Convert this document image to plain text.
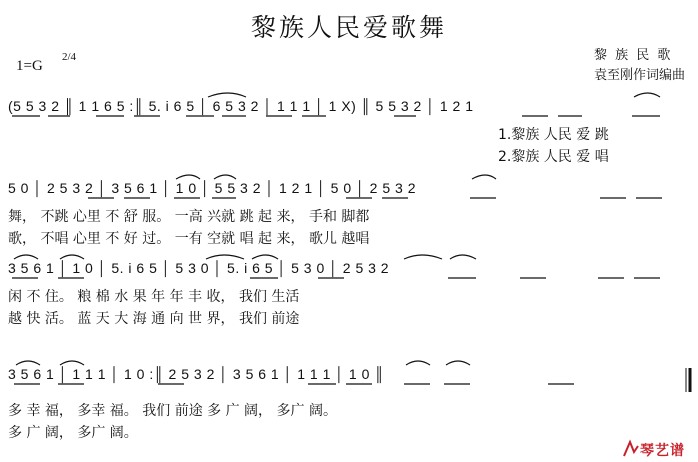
黎族人民爱歌舞
1=G
2/4	黎 族 民 歌
袁至刚作词编曲
(5 5 3 2 ║ 1 1 6 5 :║ 5. i 6 5 │ 6 5 3 2 │ 1 1 1 │ 1 X) ║ 5 5 3 2 │ 1 2 1
1.黎族 人民 爱 跳
2.黎族 人民 爱 唱
5 0 │ 2 5 3 2 │ 3 5 6 1 │ 1 0 │ 5 5 3 2 │ 1 2 1 │ 5 0 │ 2 5 3 2
舞， 不跳 心里 不 舒 服。 一高 兴就 跳 起 来， 手和 脚都
歌， 不唱 心里 不 好 过。 一有 空就 唱 起 来， 歌儿 越唱
3 5 6 1 │ 1 0 │ 5. i 6 5 │ 5 3 0 │ 5. i 6 5 │ 5 3 0 │ 2 5 3 2
闲 不 住。 粮 棉 水 果 年 年 丰 收， 我们 生活
越 快 活。 蓝 天 大 海 通 向 世 界， 我们 前途
3 5 6 1 │ 1 1 1 │ 1 0 :║ 2 5 3 2 │ 3 5 6 1 │ 1 1 1 │ 1 0 ║
多 幸 福， 多幸 福。 我们 前途 多 广 阔， 多广 阔。
多 广 阔， 多广 阔。
琴艺谱
